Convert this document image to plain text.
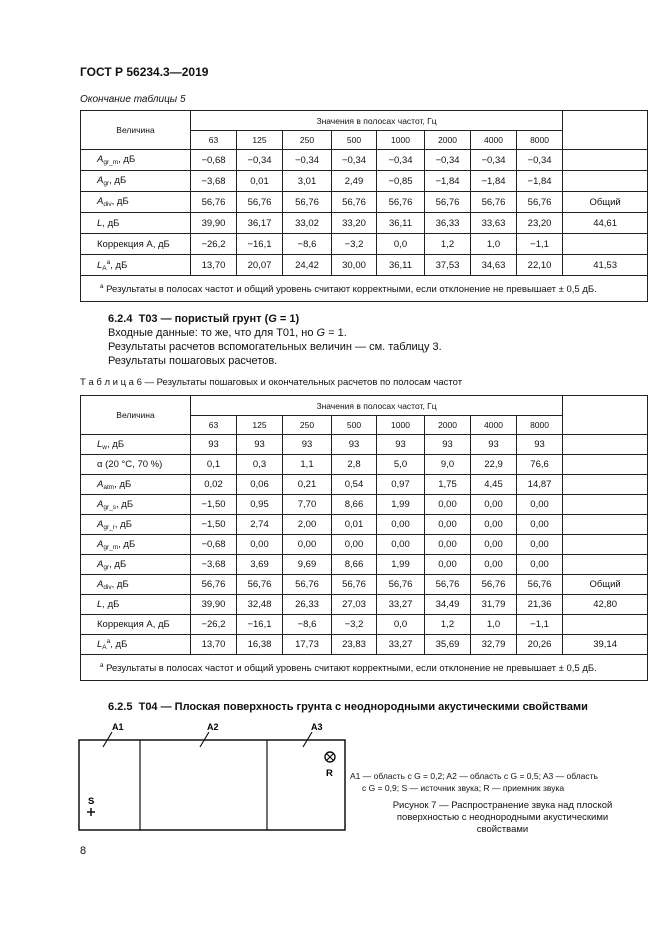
ГОСТ Р 56234.3—2019
Окончание таблицы 5
Величина	Значения в полосах частот, Гц								
	63	125	250	500	1000	2000	4000	8000	
$A_{gr\_m}$, дБ	−0,68	−0,34	−0,34	−0,34	−0,34	−0,34	−0,34	−0,34	
$A_{gr}$, дБ	−3,68	0,01	3,01	2,49	−0,85	−1,84	−1,84	−1,84	
$A_{div}$, дБ	56,76	56,76	56,76	56,76	56,76	56,76	56,76	56,76	Общий
L, дБ	39,90	36,17	33,02	33,20	36,11	36,33	33,63	23,20	44,61
Коррекция А, дБ	−26,2	−16,1	−8,6	−3,2	0,0	1,2	1,0	−1,1	
$L_A^a$, дБ	13,70	20,07	24,42	30,00	36,11	37,53	34,63	22,10	41,53
$^a$ Результаты в полосах частот и общий уровень считают корректными, если отклонение не превышает ± 0,5 дБ.									
6.2.4 T03 — пористый грунт (G = 1)
Входные данные: то же, что для T01, но G = 1.
Результаты расчетов вспомогательных величин — см. таблицу 3.
Результаты пошаговых расчетов.
Т а б л и ц а 6 — Результаты пошаговых и окончательных расчетов по полосам частот
Величина	Значения в полосах частот, Гц								
	63	125	250	500	1000	2000	4000	8000	
$L_w$, дБ	93	93	93	93	93	93	93	93	
α (20 °C, 70 %)	0,1	0,3	1,1	2,8	5,0	9,0	22,9	76,6	
$A_{atm}$, дБ	0,02	0,06	0,21	0,54	0,97	1,75	4,45	14,87	
$A_{gr\_s}$, дБ	−1,50	0,95	7,70	8,66	1,99	0,00	0,00	0,00	
$A_{gr\_r}$, дБ	−1,50	2,74	2,00	0,01	0,00	0,00	0,00	0,00	
$A_{gr\_m}$, дБ	−0,68	0,00	0,00	0,00	0,00	0,00	0,00	0,00	
$A_{gr}$, дБ	−3,68	3,69	9,69	8,66	1,99	0,00	0,00	0,00	
$A_{div}$, дБ	56,76	56,76	56,76	56,76	56,76	56,76	56,76	56,76	Общий
L, дБ	39,90	32,48	26,33	27,03	33,27	34,49	31,79	21,36	42,80
Коррекция А, дБ	−26,2	−16,1	−8,6	−3,2	0,0	1,2	1,0	−1,1	
$L_A^a$, дБ	13,70	16,38	17,73	23,83	33,27	35,69	32,79	20,26	39,14
$^a$ Результаты в полосах частот и общий уровень считают корректными, если отклонение не превышает ± 0,5 дБ.									
6.2.5 T04 — Плоская поверхность грунта с неоднородными акустическими свойствами
A1	A2	A3
R
S
A1 — область с G = 0,2; A2 — область с G = 0,5; A3 — область
с G = 0,9; S — источник звука; R — приемник звука
Рисунок 7 — Распространение звука над плоской
поверхностью с неоднородными акустическими
свойствами
8
